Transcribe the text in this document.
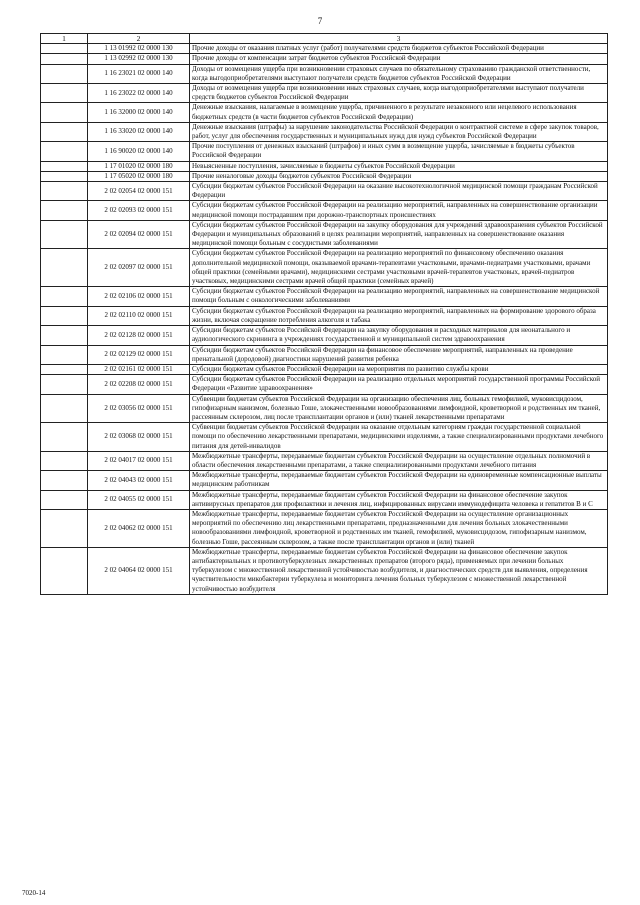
7
1	2	3
	1 13 01992 02 0000 130	Прочие доходы от оказания платных услуг (работ) получателями средств бюджетов субъектов Российской Федерации
	1 13 02992 02 0000 130	Прочие доходы от компенсации затрат бюджетов субъектов Российской Федерации
	1 16 23021 02 0000 140	Доходы от возмещения ущерба при возникновении страховых случаев по обязательному страхованию гражданской ответственности, когда выгодоприобретателями выступают получатели средств бюджетов субъектов Российской Федерации
	1 16 23022 02 0000 140	Доходы от возмещения ущерба при возникновении иных страховых случаев, когда выгодоприобретателями выступают получатели средств бюджетов субъектов Российской Федерации
	1 16 32000 02 0000 140	Денежные взыскания, налагаемые в возмещение ущерба, причиненного в результате незаконного или нецелевого использования бюджетных средств (в части бюджетов субъектов Российской Федерации)
	1 16 33020 02 0000 140	Денежные взыскания (штрафы) за нарушение законодательства Российской Федерации о контрактной системе в сфере закупок товаров, работ, услуг для обеспечения государственных и муниципальных нужд для нужд субъектов Российской Федерации
	1 16 90020 02 0000 140	Прочие поступления от денежных взысканий (штрафов) и иных сумм в возмещение ущерба, зачисляемые в бюджеты субъектов Российской Федерации
	1 17 01020 02 0000 180	Невыясненные поступления, зачисляемые в бюджеты субъектов Российской Федерации
	1 17 05020 02 0000 180	Прочие неналоговые доходы бюджетов субъектов Российской Федерации
	2 02 02054 02 0000 151	Субсидии бюджетам субъектов Российской Федерации на оказание высокотехнологичной медицинской помощи гражданам Российской Федерации
	2 02 02093 02 0000 151	Субсидии бюджетам субъектов Российской Федерации на реализацию мероприятий, направленных на совершенствование организации медицинской помощи пострадавшим при дорожно-транспортных происшествиях
	2 02 02094 02 0000 151	Субсидии бюджетам субъектов Российской Федерации на закупку оборудования для учреждений здравоохранения субъектов Российской Федерации и муниципальных образований в целях реализации мероприятий, направленных на совершенствование оказания медицинской помощи больным с сосудистыми заболеваниями
	2 02 02097 02 0000 151	Субсидии бюджетам субъектов Российской Федерации на реализацию мероприятий по финансовому обеспечению оказания дополнительной медицинской помощи, оказываемой врачами-терапевтами участковыми, врачами-педиатрами участковыми, врачами общей практики (семейными врачами), медицинскими сестрами участковыми врачей-терапевтов участковых, врачей-педиатров участковых, медицинскими сестрами врачей общей практики (семейных врачей)
	2 02 02106 02 0000 151	Субсидии бюджетам субъектов Российской Федерации на реализацию мероприятий, направленных на совершенствование медицинской помощи больным с онкологическими заболеваниями
	2 02 02110 02 0000 151	Субсидии бюджетам субъектов Российской Федерации на реализацию мероприятий, направленных на формирование здорового образа жизни, включая сокращение потребления алкоголя и табака
	2 02 02128 02 0000 151	Субсидии бюджетам субъектов Российской Федерации на закупку оборудования и расходных материалов для неонатального и аудиологического скрининга в учреждениях государственной и муниципальной систем здравоохранения
	2 02 02129 02 0000 151	Субсидии бюджетам субъектов Российской Федерации на финансовое обеспечение мероприятий, направленных на проведение пренатальной (дородовой) диагностики нарушений развития ребенка
	2 02 02161 02 0000 151	Субсидии бюджетам субъектов Российской Федерации на мероприятия по развитию службы крови
	2 02 02208 02 0000 151	Субсидии бюджетам субъектов Российской Федерации на реализацию отдельных мероприятий государственной программы Российской Федерации «Развитие здравоохранения»
	2 02 03056 02 0000 151	Субвенции бюджетам субъектов Российской Федерации на организацию обеспечения лиц, больных гемофилией, муковисцидозом, гипофизарным нанизмом, болезнью Гоше, злокачественными новообразованиями лимфоидной, кроветворной и родственных им тканей, рассеянным склерозом, лиц после трансплантации органов и (или) тканей лекарственными препаратами
	2 02 03068 02 0000 151	Субвенции бюджетам субъектов Российской Федерации на оказание отдельным категориям граждан государственной социальной помощи по обеспечению лекарственными препаратами, медицинскими изделиями, а также специализированными продуктами лечебного питания для детей-инвалидов
	2 02 04017 02 0000 151	Межбюджетные трансферты, передаваемые бюджетам субъектов Российской Федерации на осуществление отдельных полномочий в области обеспечения лекарственными препаратами, а также специализированными продуктами лечебного питания
	2 02 04043 02 0000 151	Межбюджетные трансферты, передаваемые бюджетам субъектов Российской Федерации на единовременные компенсационные выплаты медицинским работникам
	2 02 04055 02 0000 151	Межбюджетные трансферты, передаваемые бюджетам субъектов Российской Федерации на финансовое обеспечение закупок антивирусных препаратов для профилактики и лечения лиц, инфицированных вирусами иммунодефицита человека и гепатитов B и C
	2 02 04062 02 0000 151	Межбюджетные трансферты, передаваемые бюджетам субъектов Российской Федерации на осуществление организационных мероприятий по обеспечению лиц лекарственными препаратами, предназначенными для лечения больных злокачественными новообразованиями лимфоидной, кроветворной и родственных им тканей, гемофилией, муковисцидозом, гипофизарным нанизмом, болезнью Гоше, рассеянным склерозом, а также после трансплантации органов и (или) тканей
	2 02 04064 02 0000 151	Межбюджетные трансферты, передаваемые бюджетам субъектов Российской Федерации на финансовое обеспечение закупок антибактериальных и противотуберкулезных лекарственных препаратов (второго ряда), применяемых при лечении больных туберкулезом с множественной лекарственной устойчивостью возбудителя, и диагностических средств для выявления, определения чувствительности микобактерии туберкулеза и мониторинга лечения больных туберкулезом с множественной лекарственной устойчивостью возбудителя
7020-14
